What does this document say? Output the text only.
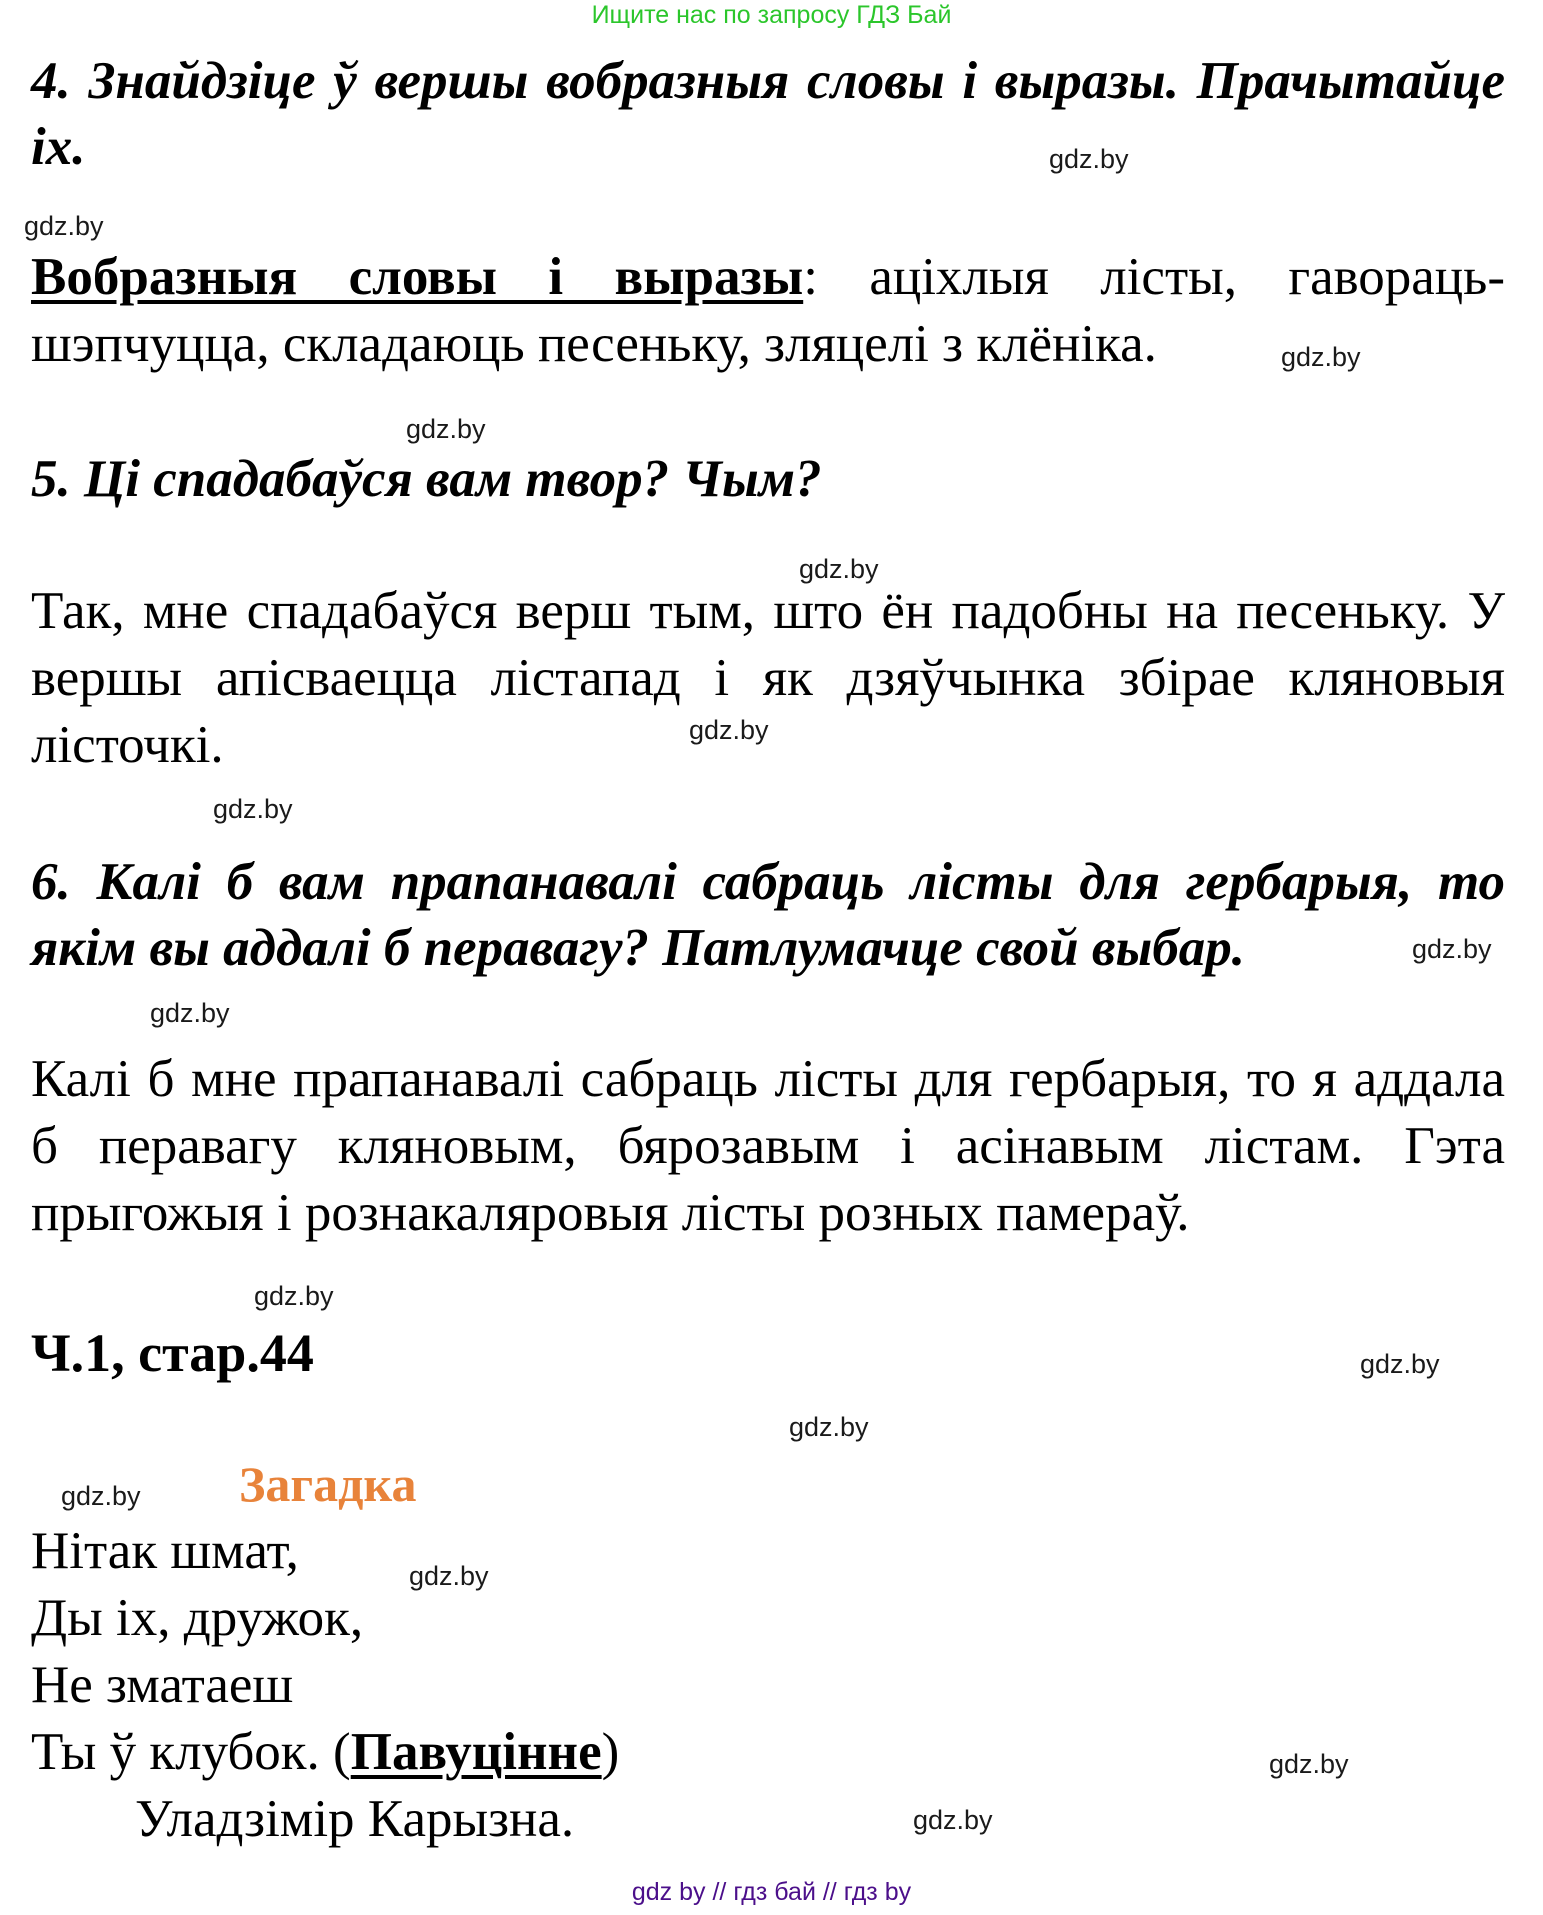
Ищите нас по запросу ГДЗ Бай
4. Знайдзіце ў вершы вобразныя словы і выразы. Прачытайце іх.	gdz.by
gdz.by
Вобразныя словы і выразы: аціхлыя лісты, гавораць-
шэпчуцца, складаюць песеньку, зляцелі з клёніка.	gdz.by
gdz.by
5. Ці спадабаўся вам твор? Чым?
gdz.by
Так, мне спадабаўся верш тым, што ён падобны на песеньку. У вершы апісваецца лістапад і як дзяўчынка збірае кляновыя лісточкі.	gdz.by
gdz.by
6. Калі б вам прапанавалі сабраць лісты для гербарыя, то якім вы аддалі б перавагу? Патлумачце свой выбар.	gdz.by
gdz.by
Калі б мне прапанавалі сабраць лісты для гербарыя, то я аддала б перавагу кляновым, бярозавым і асінавым лістам. Гэта прыгожыя і рознакаляровыя лісты розных памераў.
gdz.by
Ч.1, стар.44	gdz.by
gdz.by
gdz.by Загадка
Нітак шмат,
Ды іх, дружок,
Не зматаеш
Ты ў клубок. (Павуціннe)
Уладзімір Карызна.
gdz.by
gdz.by
gdz.by
gdz by // гдз бай // гдз by
